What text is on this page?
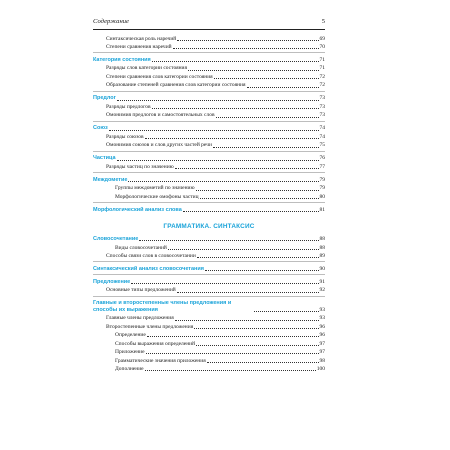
Содержание	5
Синтаксическая роль наречий	69
Степени сравнения наречий	70
Категория состояния	71
Разряды слов категории состояния	71
Степени сравнения слов категории состояния	72
Образование степеней сравнения слов категории состояния	72
Предлог	73
Разряды предлогов	73
Омонимия предлогов и самостоятельных слов	73
Союз	74
Разряды союзов	74
Омонимия союзов и слов других частей речи	75
Частица	76
Разряды частиц по значению	77
Междометие	79
Группы междометий по значению	79
Морфологические омофоны частиц	80
Морфологический анализ слова	81
ГРАММАТИКА. СИНТАКСИС
Словосочетание	88
Виды словосочетаний	88
Способы связи слов в словосочетании	89
Синтаксический анализ словосочетания	90
Предложение	91
Основные типы предложений	92
Главные и второстепенные члены предложения и способы их выражения	93
Главные члены предложения	93
Второстепенные члены предложения	96
Определение	96
Способы выражения определений	97
Приложение	97
Грамматические значения приложения	98
Дополнение	100
